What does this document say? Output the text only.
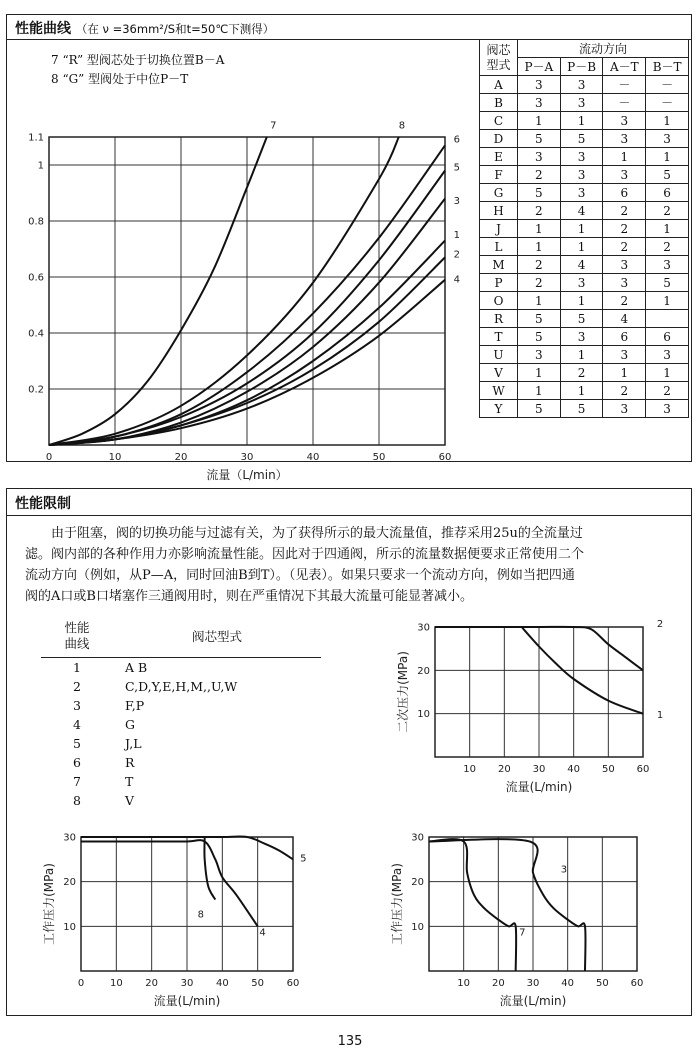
性能曲线 （在 ν =36mm²/S和t=50℃下测得）
7 “R” 型阀芯处于切换位置B－A
8 “G” 型阀处于中位P－T
0	10	20	30	40	50	60
0.2
0.4
0.6
0.8
1
1.1
流量（L/min）
7	8
6
5
3
1
2
4
阀芯
型式	流动方向			
	P－A	P－B	A－T	B－T
A	3	3	－	－
B	3	3	－	－
C	1	1	3	1
D	5	5	3	3
E	3	3	1	1
F	2	3	3	5
G	5	3	6	6
H	2	4	2	2
J	1	1	2	1
L	1	1	2	2
M	2	4	3	3
P	2	3	3	5
O	1	1	2	1
R	5	5	4	
T	5	3	6	6
U	3	1	3	3
V	1	2	1	1
W	1	1	2	2
Y	5	5	3	3
性能限制
　　由于阻塞，阀的切换功能与过滤有关，为了获得所示的最大流量值，推荐采用25u的全流量过
滤。阀内部的各种作用力亦影响流量性能。因此对于四通阀，所示的流量数据便要求正常使用二个
流动方向（例如，从P—A，同时回油B到T）。（见表）。如果只要求一个流动方向，例如当把四通
阀的A口或B口堵塞作三通阀用时，则在严重情况下其最大流量可能显著减小。
性能
曲线	阀芯型式
1	A B
2	C,D,Y,E,H,M,,U,W
3	F,P
4	G
5	J,L
6	R
7	T
8	V
10 20 30 40 50 60
10
20
30
流量(L/min)
二次压力(MPa)	1
2
0	10 20 30 40 50 60
10
20
30
流量(L/min)
工作压力(MPa)
5
8
4
10 20 30 40 50 60
10
20
30
流量(L/min)
工作压力(MPa)	7
3
135
